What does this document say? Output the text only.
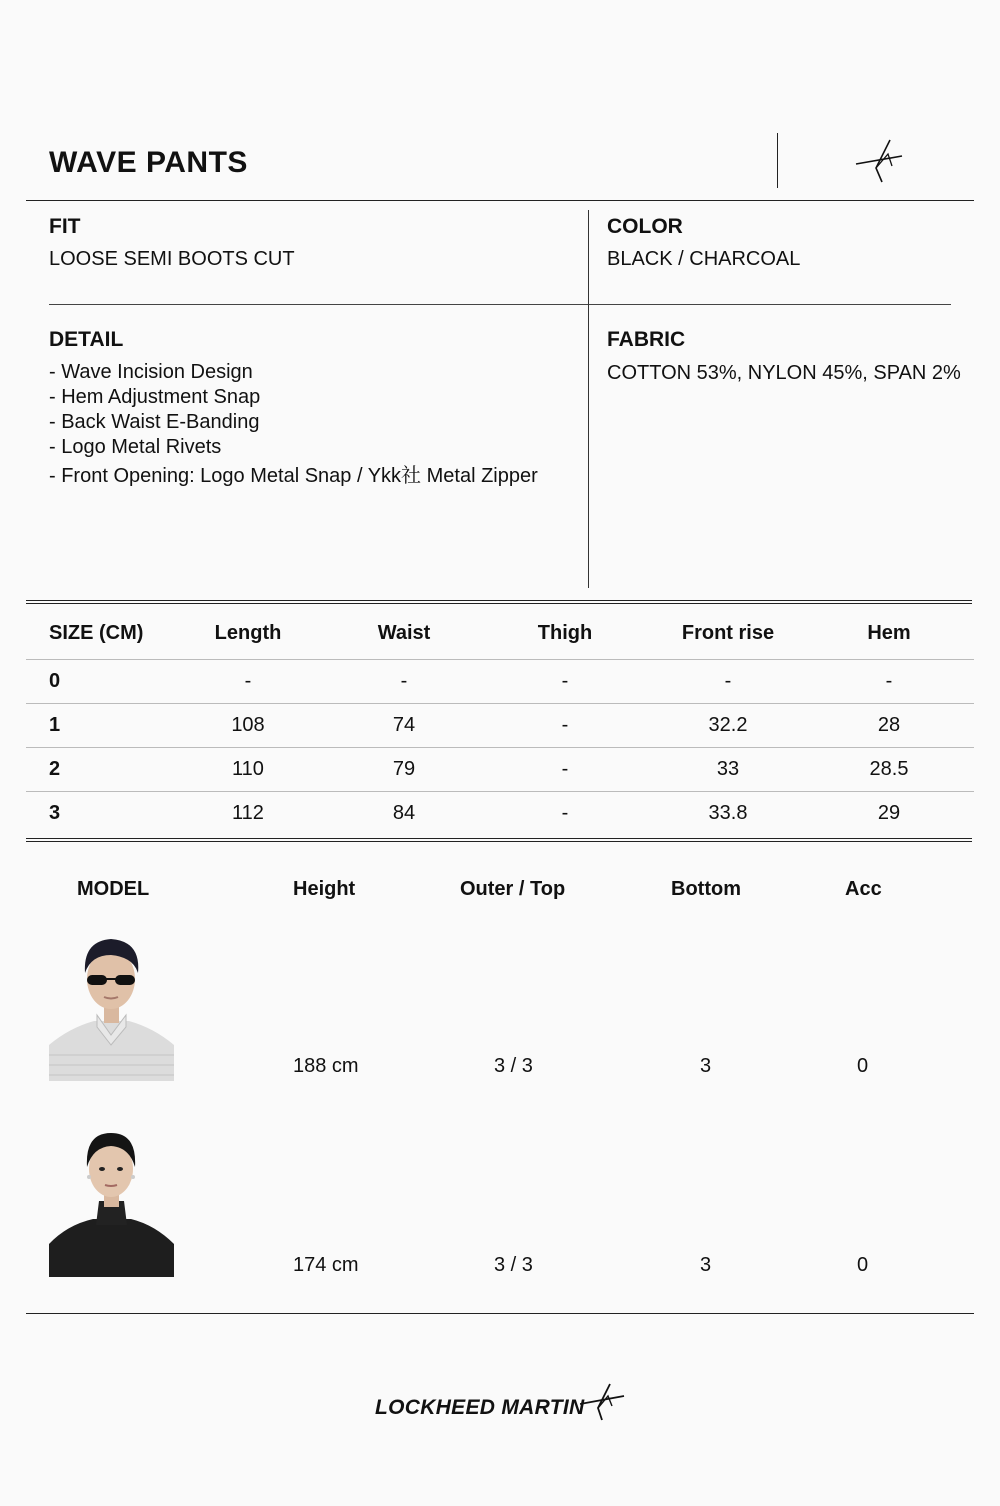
WAVE PANTS
FIT
LOOSE SEMI BOOTS CUT
COLOR
BLACK / CHARCOAL
DETAIL
- Wave Incision Design
- Hem Adjustment Snap
- Back Waist E-Banding
- Logo Metal Rivets
- Front Opening: Logo Metal Snap / Ykk社 Metal Zipper
FABRIC
COTTON 53%, NYLON 45%, SPAN 2%
SIZE (CM)	Length	Waist	Thigh	Front rise	Hem
0	-	-	-	-	-
1	108	74	-	32.2	28
2	110	79	-	33	28.5
3	112	84	-	33.8	29
MODEL	Height	Outer / Top	Bottom	Acc
188 cm	3 / 3	3	0
174 cm	3 / 3	3	0
LOCKHEED MARTIN
